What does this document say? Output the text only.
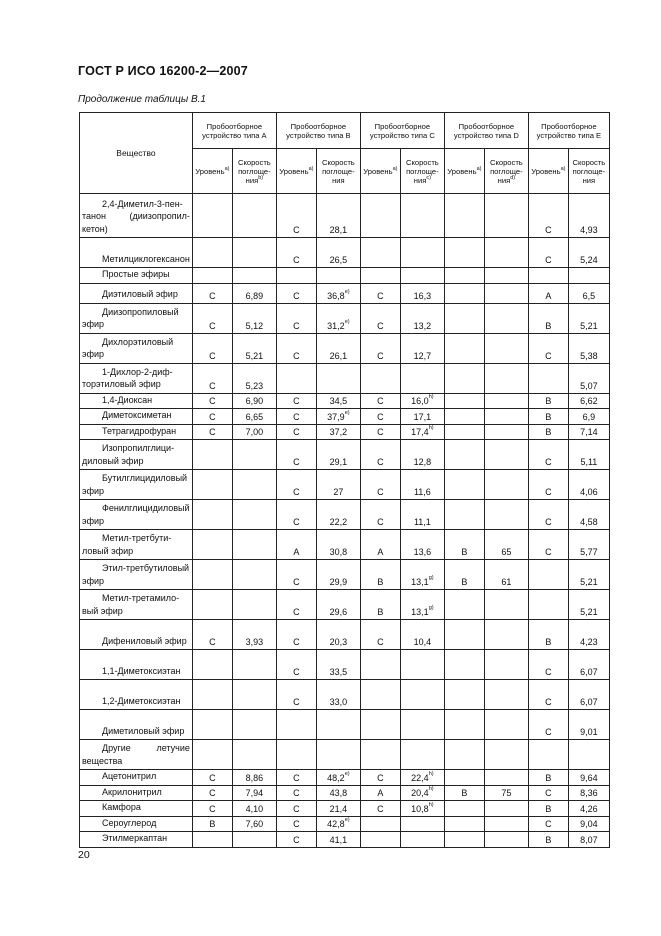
ГОСТ Р ИСО 16200-2—2007
Продолжение таблицы В.1
Вещество	Пробоотборное устройство типа A		Пробоотборное устройство типа B		Пробоотборное устройство типа C		Пробоотборное устройство типа D		Пробоотборное устройство типа E	
	Уровень$^{а)}$	Скорость поглощения$^{b)}$	Уровень$^{а)}$	Скорость поглощения	Уровень$^{а)}$	Скорость поглощения$^{с)}$	Уровень$^{а)}$	Скорость поглощения$^{d)}$	Уровень$^{а)}$	Скорость поглощения

2,4-Диметил-3-пентанон (диизопропилкетон)			C	28,1					C	4,93

Метилциклогексанон			C	26,5					C	5,24

Простые эфиры										

Диэтиловый эфир	C	6,89	C	$36,8^{е)}$	C	16,3			A	6,5

Диизопропиловый эфир	C	5,12	C	$31,2^{е)}$	C	13,2			B	5,21

Дихлорэтиловый эфир	C	5,21	C	26,1	C	12,7			C	5,38

1-Дихлор-2-дифторэтиловый эфир	C	5,23								5,07

1,4-Диоксан	C	6,90	C	34,5	C	16,0$^{h)}$			B	6,62

Диметоксиметан	C	6,65	C	$37,9^{е)}$	C	17,1			B	6,9

Тетрагидрофуран	C	7,00	C	37,2	C	17,4$^{h)}$			B	7,14

Изопропилглицидиловый эфир			C	29,1	C	12,8			C	5,11

Бутилглицидиловый эфир			C	27	C	11,6			C	4,06

Фенилглицидиловый эфир			C	22,2	C	11,1			C	4,58

Метил-третбутиловый эфир			A	30,8	A	13,6	B	65	C	5,77

Этил-третбутиловый эфир			C	29,9	B	13,1$^{g)}$	B	61		5,21

Метил-третамиловый эфир			C	29,6	B	13,1$^{g)}$				5,21

Дифениловый эфир	C	3,93	C	20,3	C	10,4			B	4,23

1,1-Диметоксиэтан			C	33,5					C	6,07

1,2-Диметоксиэтан			C	33,0					C	6,07

Диметиловый эфир									C	9,01

Другие летучие вещества										

Ацетонитрил	C	8,86	C	$48,2^{е)}$	C	22,4$^{h)}$			B	9,64

Акрилонитрил	C	7,94	C	43,8	A	20,4$^{h)}$	B	75	C	8,36

Камфора	C	4,10	C	21,4	C	10,8$^{h)}$			B	4,26

Сероуглерод	B	7,60	C	$42,8^{е)}$					C	9,04

Этилмеркаптан			C	41,1					B	8,07
20
